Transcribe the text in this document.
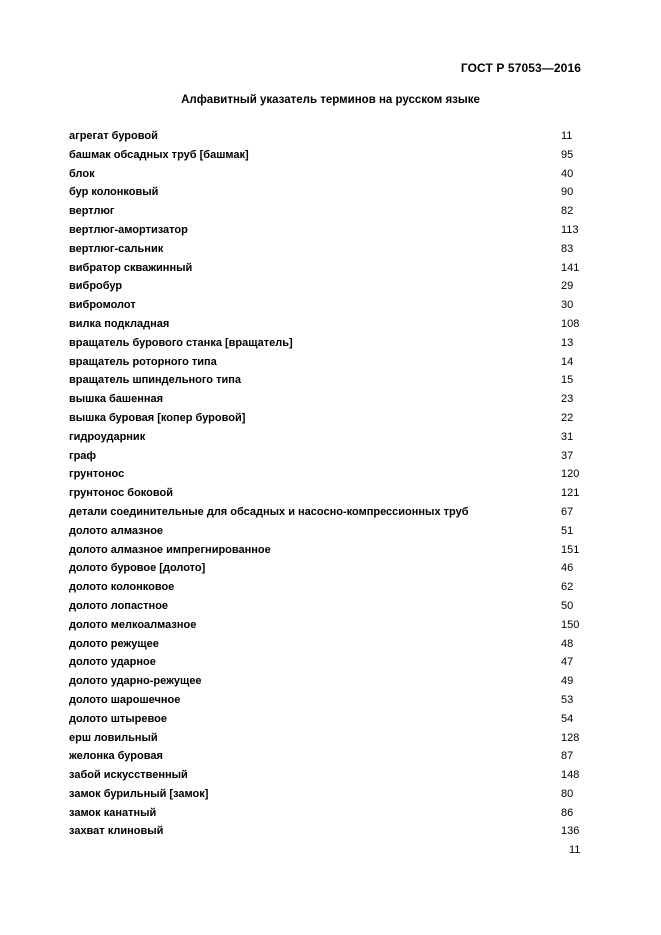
ГОСТ Р 57053—2016
Алфавитный указатель терминов на русском языке
агрегат буровой	11
башмак обсадных труб [башмак]	95
блок	40
бур колонковый	90
вертлюг	82
вертлюг-амортизатор	113
вертлюг-сальник	83
вибратор скважинный	141
вибробур	29
вибромолот	30
вилка подкладная	108
вращатель бурового станка [вращатель]	13
вращатель роторного типа	14
вращатель шпиндельного типа	15
вышка башенная	23
вышка буровая [копер буровой]	22
гидроударник	31
граф	37
грунтонос	120
грунтонос боковой	121
детали соединительные для обсадных и насосно-компрессионных труб	67
долото алмазное	51
долото алмазное импрегнированное	151
долото буровое [долото]	46
долото колонковое	62
долото лопастное	50
долото мелкоалмазное	150
долото режущее	48
долото ударное	47
долото ударно-режущее	49
долото шарошечное	53
долото штыревое	54
ерш ловильный	128
желонка буровая	87
забой искусственный	148
замок бурильный [замок]	80
замок канатный	86
захват клиновый	136
11
